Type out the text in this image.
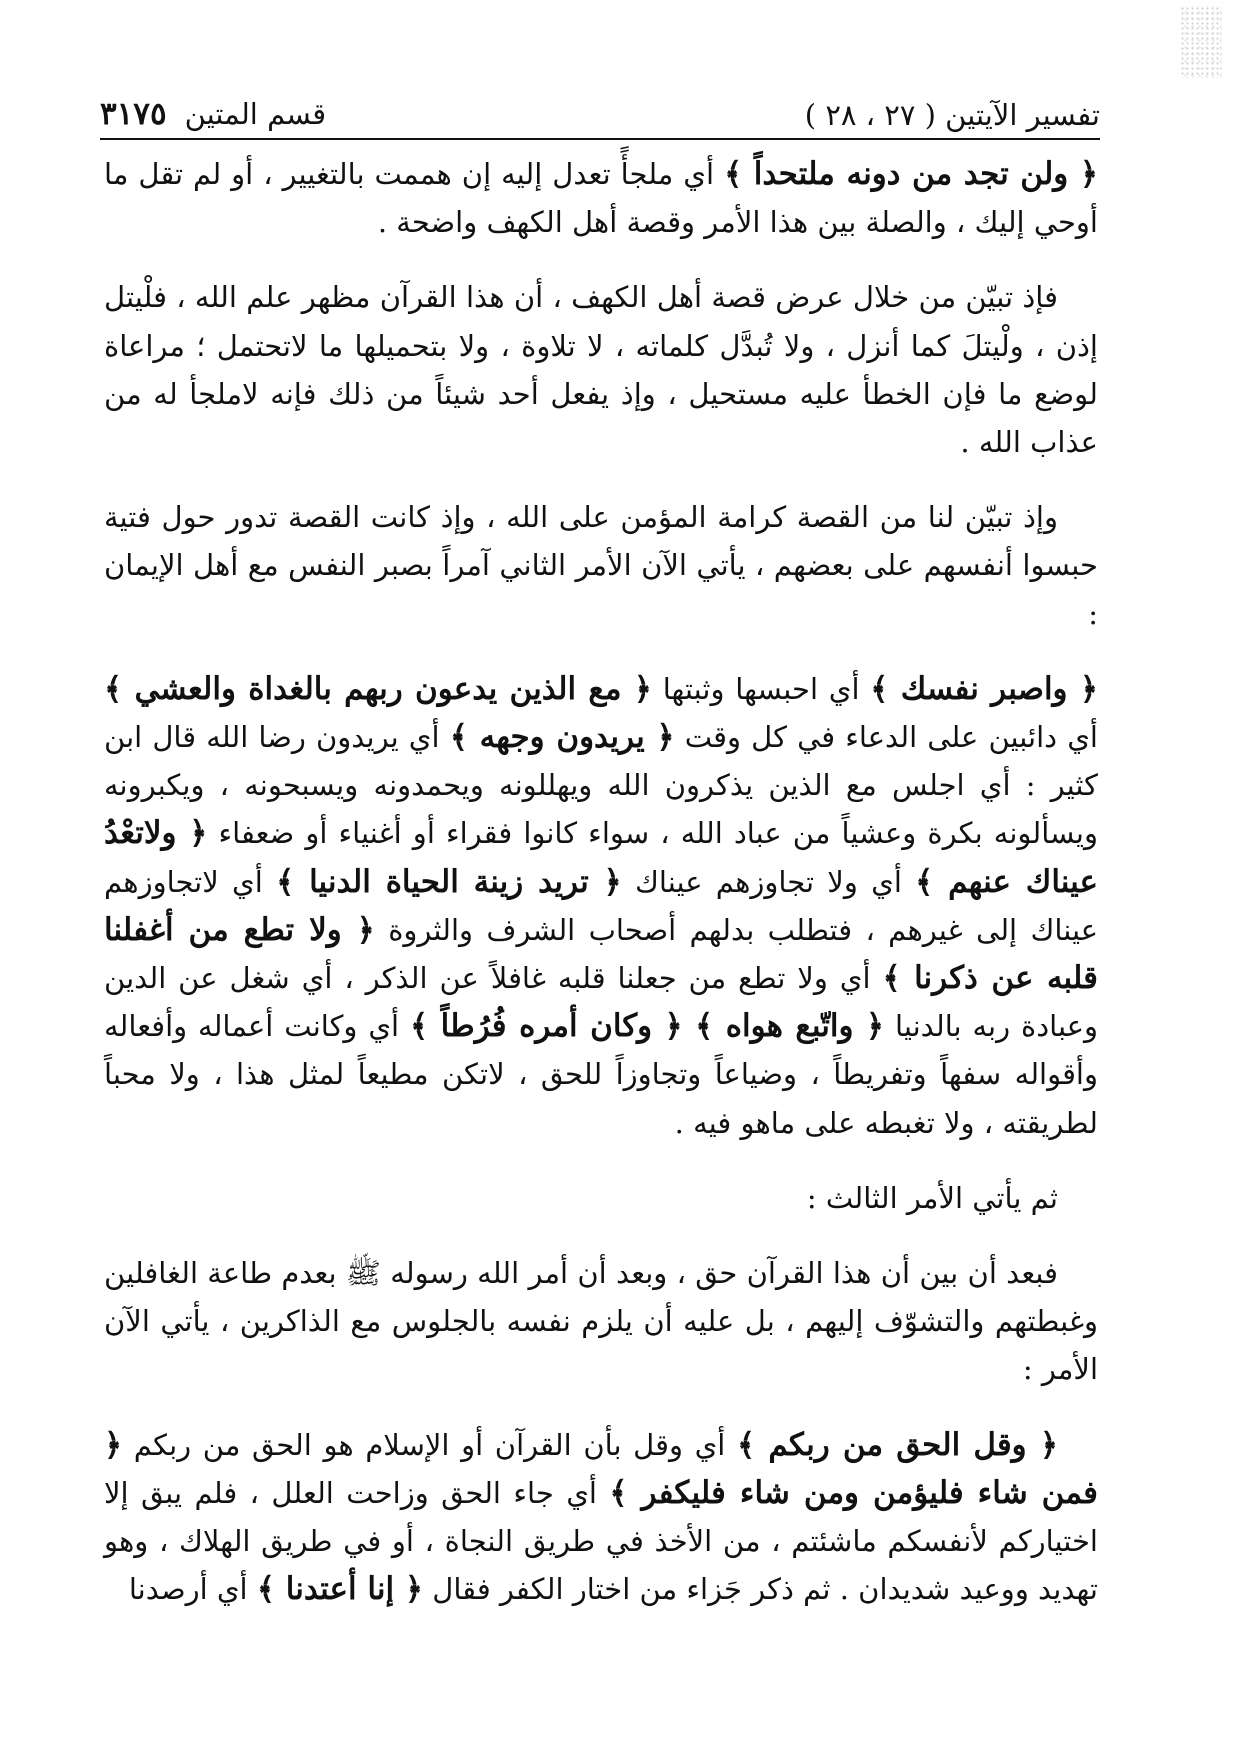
تفسير الآيتين ( ٢٧ ، ٢٨ )
قسم المتين
٣١٧٥

﴿ ولن تجد من دونه ملتحداً ﴾ أي ملجأً تعدل إليه إن هممت بالتغيير ، أو لم تقل ما أوحي إليك ، والصلة بين هذا الأمر وقصة أهل الكهف واضحة .

فإذ تبيّن من خلال عرض قصة أهل الكهف ، أن هذا القرآن مظهر علم الله ، فلْيتل إذن ، ولْيتلَ كما أنزل ، ولا تُبدَّل كلماته ، لا تلاوة ، ولا بتحميلها ما لاتحتمل ؛ مراعاة لوضع ما فإن الخطأ عليه مستحيل ، وإذ يفعل أحد شيئاً من ذلك فإنه لاملجأ له من عذاب الله .

وإذ تبيّن لنا من القصة كرامة المؤمن على الله ، وإذ كانت القصة تدور حول فتية حبسوا أنفسهم على بعضهم ، يأتي الآن الأمر الثاني آمراً بصبر النفس مع أهل الإيمان :

﴿ واصبر نفسك ﴾ أي احبسها وثبتها ﴿ مع الذين يدعون ربهم بالغداة والعشي ﴾ أي دائبين على الدعاء في كل وقت ﴿ يريدون وجهه ﴾ أي يريدون رضا الله قال ابن كثير : أي اجلس مع الذين يذكرون الله ويهللونه ويحمدونه ويسبحونه ، ويكبرونه ويسألونه بكرة وعشياً من عباد الله ، سواء كانوا فقراء أو أغنياء أو ضعفاء ﴿ ولاتعْدُ عيناك عنهم ﴾ أي ولا تجاوزهم عيناك ﴿ تريد زينة الحياة الدنيا ﴾ أي لاتجاوزهم عيناك إلى غيرهم ، فتطلب بدلهم أصحاب الشرف والثروة ﴿ ولا تطع من أغفلنا قلبه عن ذكرنا ﴾ أي ولا تطع من جعلنا قلبه غافلاً عن الذكر ، أي شغل عن الدين وعبادة ربه بالدنيا ﴿ واتّبع هواه ﴾ ﴿ وكان أمره فُرُطاً ﴾ أي وكانت أعماله وأفعاله وأقواله سفهاً وتفريطاً ، وضياعاً وتجاوزاً للحق ، لاتكن مطيعاً لمثل هذا ، ولا محباً لطريقته ، ولا تغبطه على ماهو فيه .

ثم يأتي الأمر الثالث :

فبعد أن بين أن هذا القرآن حق ، وبعد أن أمر الله رسوله ﷺ بعدم طاعة الغافلين وغبطتهم والتشوّف إليهم ، بل عليه أن يلزم نفسه بالجلوس مع الذاكرين ، يأتي الآن الأمر :

﴿ وقل الحق من ربكم ﴾ أي وقل بأن القرآن أو الإسلام هو الحق من ربكم ﴿ فمن شاء فليؤمن ومن شاء فليكفر ﴾ أي جاء الحق وزاحت العلل ، فلم يبق إلا اختياركم لأنفسكم ماشئتم ، من الأخذ في طريق النجاة ، أو في طريق الهلاك ، وهو تهديد ووعيد شديدان . ثم ذكر جَزاء من اختار الكفر فقال ﴿ إنا أعتدنا ﴾ أي أرصدنا
